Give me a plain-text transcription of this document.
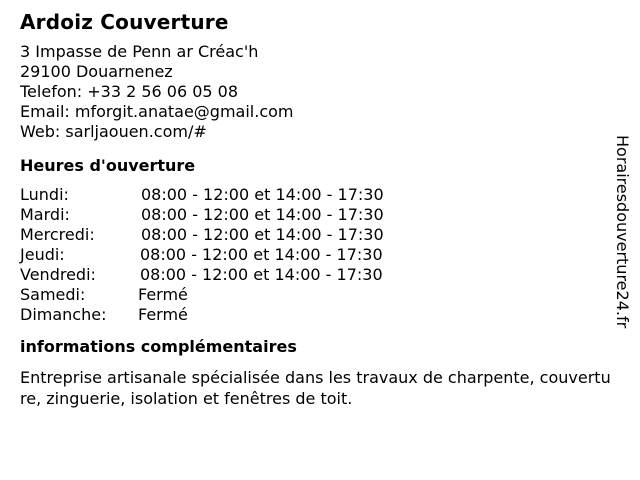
Ardoiz Couverture
3 Impasse de Penn ar Créac'h
29100 Douarnenez
Telefon: +33 2 56 06 05 08
Email: mforgit.anatae@gmail.com
Web: sarljaouen.com/#
Heures d'ouverture
Lundi:	08:00 - 12:00 et 14:00 - 17:30
Mardi:	08:00 - 12:00 et 14:00 - 17:30
Mercredi:	08:00 - 12:00 et 14:00 - 17:30
Jeudi:	08:00 - 12:00 et 14:00 - 17:30
Vendredi:	08:00 - 12:00 et 14:00 - 17:30
Samedi:	Fermé
Dimanche:	Fermé
informations complémentaires
Entreprise artisanale spécialisée dans les travaux de charpente, couverture, zinguerie, isolation et fenêtres de toit.
Horairesdouverture24.fr
